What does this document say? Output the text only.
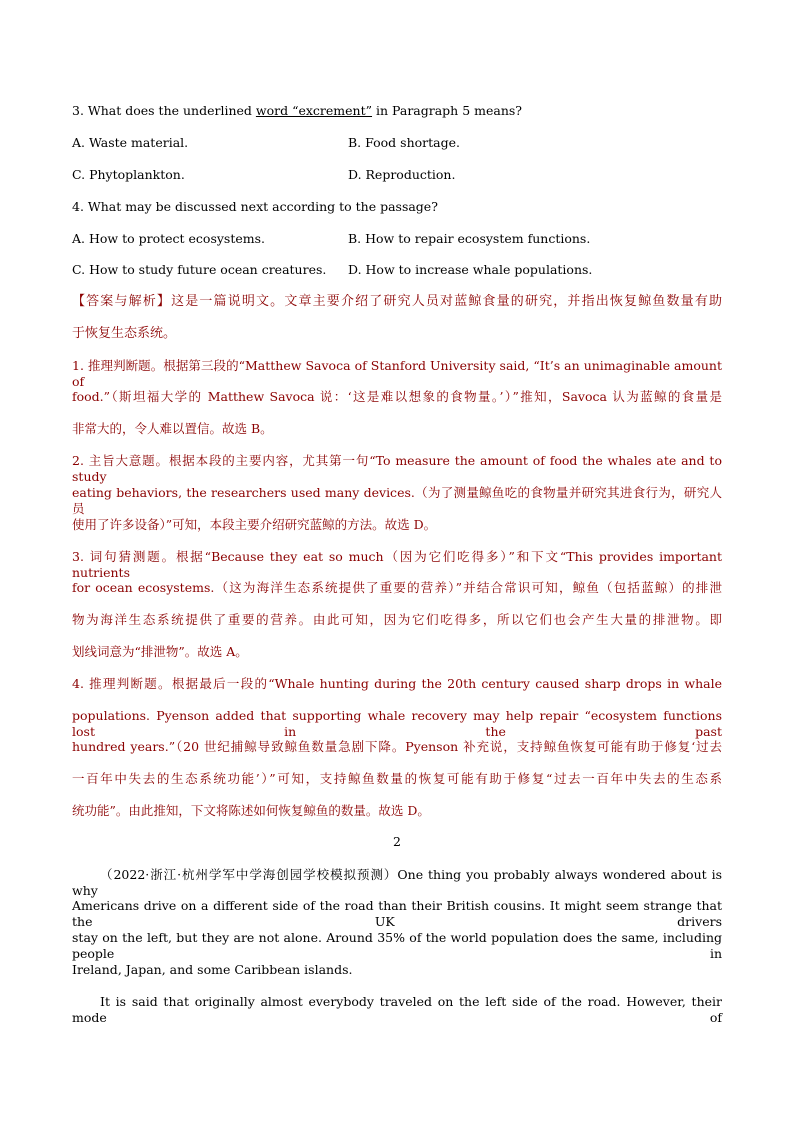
3. What does the underlined word “excrement” in Paragraph 5 means?
A. Waste material.	B. Food shortage.
C. Phytoplankton.	D. Reproduction.
4. What may be discussed next according to the passage?
A. How to protect ecosystems.	B. How to repair ecosystem functions.
C. How to study future ocean creatures. D. How to increase whale populations.
【答案与解析】这是一篇说明文。文章主要介绍了研究人员对蓝鲸食量的研究，并指出恢复鲸鱼数量有助
于恢复生态系统。
1. 推理判断题。根据第三段的“Matthew Savoca of Stanford University said, “It’s an unimaginable amount of
food.”（斯坦福大学的 Matthew Savoca 说：‘这是难以想象的食物量。’）”推知，Savoca 认为蓝鲸的食量是
非常大的，令人难以置信。故选 B。
2. 主旨大意题。根据本段的主要内容，尤其第一句“To measure the amount of food the whales ate and to study
eating behaviors, the researchers used many devices.（为了测量鲸鱼吃的食物量并研究其进食行为，研究人员
使用了许多设备）”可知，本段主要介绍研究蓝鲸的方法。故选 D。
3. 词句猜测题。根据“Because they eat so much（因为它们吃得多）”和下文“This provides important nutrients
for ocean ecosystems.（这为海洋生态系统提供了重要的营养）”并结合常识可知，鲸鱼（包括蓝鲸）的排泄
物为海洋生态系统提供了重要的营养。由此可知，因为它们吃得多，所以它们也会产生大量的排泄物。即
划线词意为“排泄物”。故选 A。
4. 推理判断题。根据最后一段的“Whale hunting during the 20th century caused sharp drops in whale
populations. Pyenson added that supporting whale recovery may help repair “ecosystem functions lost in the past
hundred years.”（20 世纪捕鲸导致鲸鱼数量急剧下降。Pyenson 补充说，支持鲸鱼恢复可能有助于修复‘过去
一百年中失去的生态系统功能’）”可知，支持鲸鱼数量的恢复可能有助于修复“过去一百年中失去的生态系
统功能”。由此推知，下文将陈述如何恢复鲸鱼的数量。故选 D。
2
（2022·浙江·杭州学军中学海创园学校模拟预测）One thing you probably always wondered about is why
Americans drive on a different side of the road than their British cousins. It might seem strange that the UK drivers
stay on the left, but they are not alone. Around 35% of the world population does the same, including people in
Ireland, Japan, and some Caribbean islands.
It is said that originally almost everybody traveled on the left side of the road. However, their mode of
